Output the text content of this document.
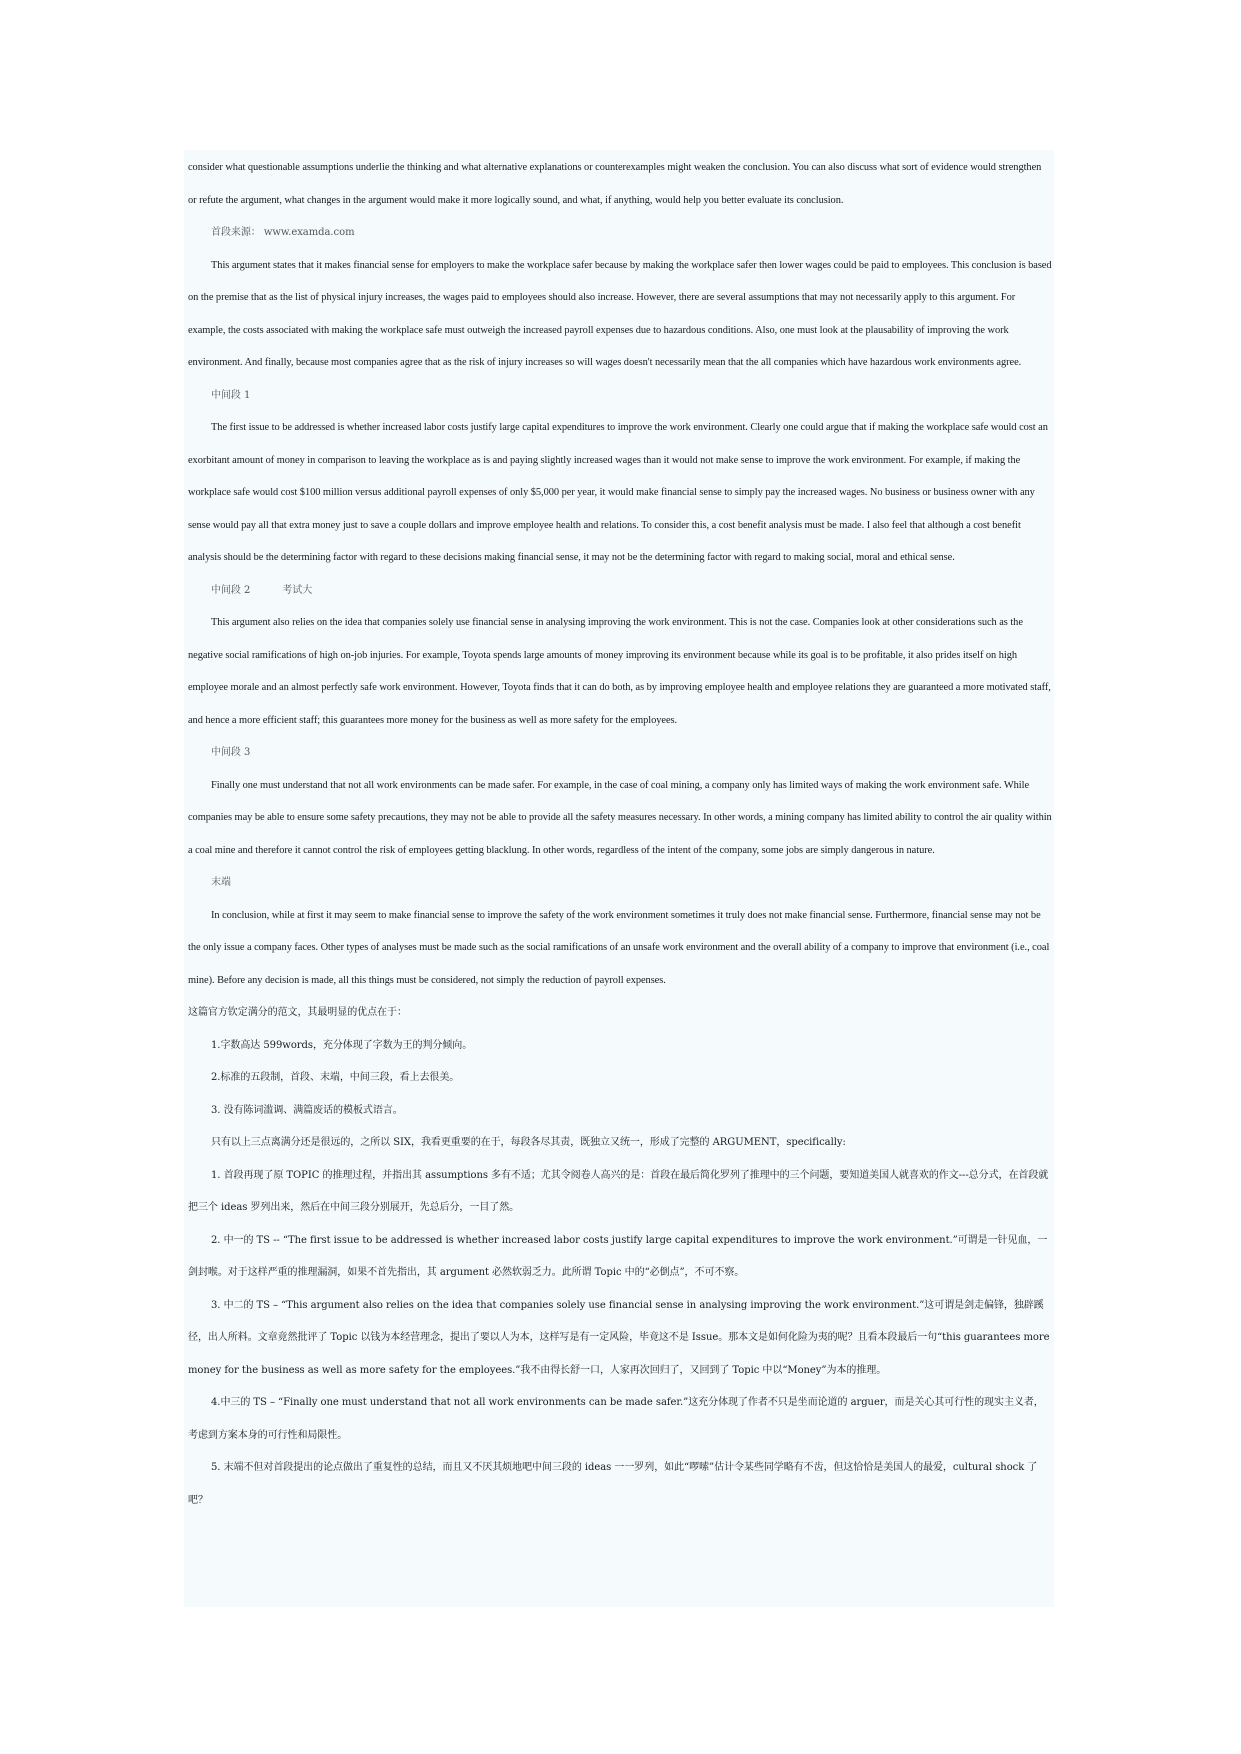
consider what questionable assumptions underlie the thinking and what alternative explanations or counterexamples might weaken the conclusion. You can also discuss what sort of evidence would strengthen or refute the argument, what changes in the argument would make it more logically sound, and what, if anything, would help you better evaluate its conclusion.

首段来源： www.examda.com

This argument states that it makes financial sense for employers to make the workplace safer because by making the workplace safer then lower wages could be paid to employees. This conclusion is based on the premise that as the list of physical injury increases, the wages paid to employees should also increase. However, there are several assumptions that may not necessarily apply to this argument. For example, the costs associated with making the workplace safe must outweigh the increased payroll expenses due to hazardous conditions. Also, one must look at the plausability of improving the work environment. And finally, because most companies agree that as the risk of injury increases so will wages doesn't necessarily mean that the all companies which have hazardous work environments agree.

中间段 1

The first issue to be addressed is whether increased labor costs justify large capital expenditures to improve the work environment. Clearly one could argue that if making the workplace safe would cost an exorbitant amount of money in comparison to leaving the workplace as is and paying slightly increased wages than it would not make sense to improve the work environment. For example, if making the workplace safe would cost $100 million versus additional payroll expenses of only $5,000 per year, it would make financial sense to simply pay the increased wages. No business or business owner with any sense would pay all that extra money just to save a couple dollars and improve employee health and relations. To consider this, a cost benefit analysis must be made. I also feel that although a cost benefit analysis should be the determining factor with regard to these decisions making financial sense, it may not be the determining factor with regard to making social, moral and ethical sense.

中间段 2	考试大

This argument also relies on the idea that companies solely use financial sense in analysing improving the work environment. This is not the case. Companies look at other considerations such as the negative social ramifications of high on-job injuries. For example, Toyota spends large amounts of money improving its environment because while its goal is to be profitable, it also prides itself on high employee morale and an almost perfectly safe work environment. However, Toyota finds that it can do both, as by improving employee health and employee relations they are guaranteed a more motivated staff, and hence a more efficient staff; this guarantees more money for the business as well as more safety for the employees.

中间段 3

Finally one must understand that not all work environments can be made safer. For example, in the case of coal mining, a company only has limited ways of making the work environment safe. While companies may be able to ensure some safety precautions, they may not be able to provide all the safety measures necessary. In other words, a mining company has limited ability to control the air quality within a coal mine and therefore it cannot control the risk of employees getting blacklung. In other words, regardless of the intent of the company, some jobs are simply dangerous in nature.

末端

In conclusion, while at first it may seem to make financial sense to improve the safety of the work environment sometimes it truly does not make financial sense. Furthermore, financial sense may not be the only issue a company faces. Other types of analyses must be made such as the social ramifications of an unsafe work environment and the overall ability of a company to improve that environment (i.e., coal mine). Before any decision is made, all this things must be considered, not simply the reduction of payroll expenses.

这篇官方钦定满分的范文，其最明显的优点在于：

1.字数高达 599words，充分体现了字数为王的判分倾向。

2.标准的五段制，首段、末端，中间三段，看上去很美。

3. 没有陈词滥调、满篇废话的模板式语言。

只有以上三点离满分还是很远的，之所以 SIX，我看更重要的在于，每段各尽其责，既独立又统一，形成了完整的 ARGUMENT，specifically:

1. 首段再现了原 TOPIC 的推理过程，并指出其 assumptions 多有不适；尤其令阅卷人高兴的是：首段在最后简化罗列了推理中的三个问题，要知道美国人就喜欢的作文---总分式，在首段就把三个 ideas 罗列出来，然后在中间三段分别展开，先总后分，一目了然。

2. 中一的 TS -- “The first issue to be addressed is whether increased labor costs justify large capital expenditures to improve the work environment.”可谓是一针见血，一剑封喉。对于这样严重的推理漏洞，如果不首先指出，其 argument 必然软弱乏力。此所谓 Topic 中的“必倒点”，不可不察。

3. 中二的 TS – “This argument also relies on the idea that companies solely use financial sense in analysing improving the work environment.”这可谓是剑走偏锋，独辟蹊径，出人所料。文章竟然批评了 Topic 以钱为本经营理念，提出了要以人为本，这样写是有一定风险，毕竟这不是 Issue。那本文是如何化险为夷的呢？且看本段最后一句“this guarantees more money for the business as well as more safety for the employees.”我不由得长舒一口，人家再次回归了，又回到了 Topic 中以“Money”为本的推理。

4.中三的 TS – “Finally one must understand that not all work environments can be made safer.”这充分体现了作者不只是坐而论道的 arguer，而是关心其可行性的现实主义者，考虑到方案本身的可行性和局限性。

5. 末端不但对首段提出的论点做出了重复性的总结，而且又不厌其烦地吧中间三段的 ideas 一一罗列，如此“啰嗦”估计令某些同学略有不齿，但这恰恰是美国人的最爱，cultural shock 了吧？
